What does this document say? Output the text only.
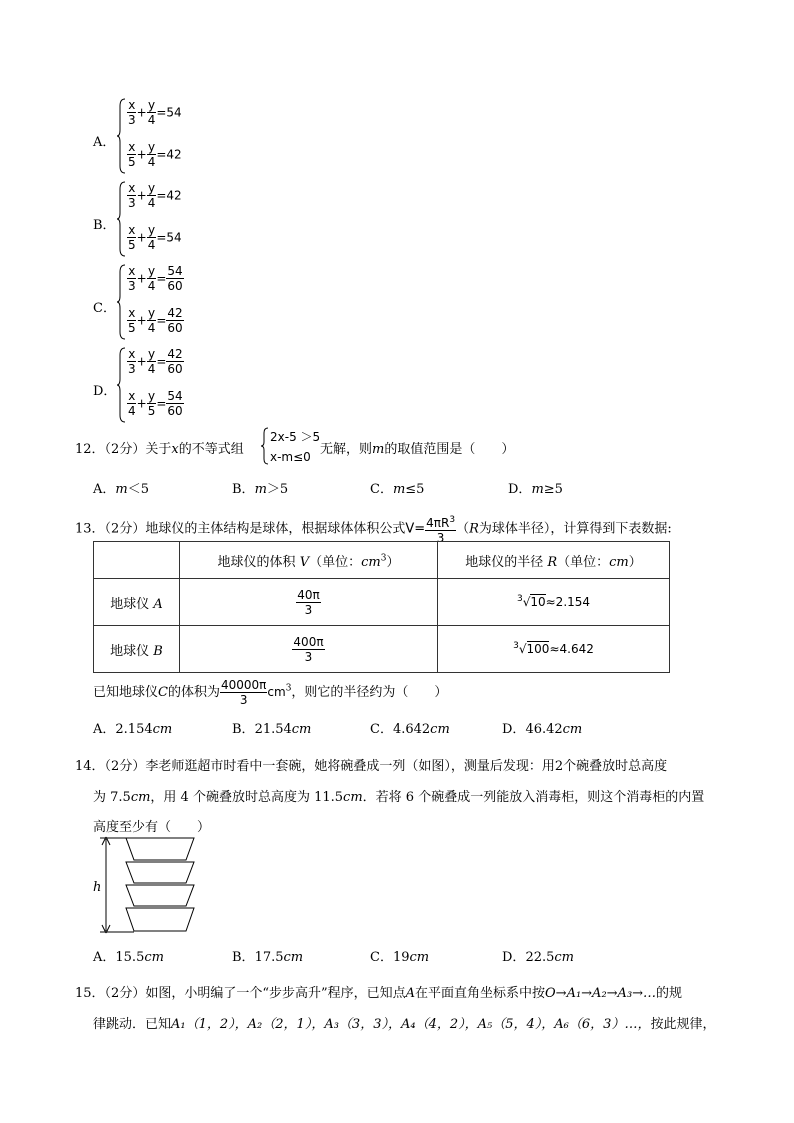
A．
$\frac{x}{3} + \frac{y}{4} =54$
$\frac{x}{5} + \frac{y}{4} =42$
B．
$\frac{x}{3} + \frac{y}{4} =42$
$\frac{x}{5} + \frac{y}{4} =54$
C．
$\frac{x}{3} + \frac{y}{4} = \frac{54}{60}$
$\frac{x}{5} + \frac{y}{4} = \frac{42}{60}$
D．
$\frac{x}{3} + \frac{y}{4} = \frac{42}{60}$
$\frac{x}{4} + \frac{y}{5} = \frac{54}{60}$
12．（2分）关于x的不等式组
2x-5 ＞5
x-m≤0 无解，则m的取值范围是（　　）
A．m＜5	B．m＞5	C．m≤5	D．m≥5
13．（2分）地球仪的主体结构是球体，根据球体体积公式$V= \frac{4\pi R^3}{3} (R$为球体半径），计算得到下表数据:
	地球仪的体积 V（单位：$cm^3$）	地球仪的半径 R（单位：cm）
地球仪 A	$\frac{40\pi}{3}$	$^3$√10≈2.154
地球仪 B	$\frac{400\pi}{3}$	$^3$√100≈4.642
已知地球仪C的体积为 $\frac{40000\pi}{3} cm^3$，则它的半径约为（　　）
A．2.154cm	B．21.54cm	C．4.642cm	D．46.42cm
14．（2分）李老师逛超市时看中一套碗，她将碗叠成一列（如图），测量后发现：用2个碗叠放时总高度
为 7.5cm，用 4 个碗叠放时总高度为 11.5cm．若将 6 个碗叠成一列能放入消毒柜，则这个消毒柜的内置
高度至少有（　　）
h
A．15.5cm	B．17.5cm	C．19cm	D．22.5cm
15．（2分）如图，小明编了一个“步步高升”程序，已知点A在平面直角坐标系中按O→A₁→A₂→A₃→…的规
律跳动．已知A₁（1，2），A₂（2，1），A₃（3，3），A₄（4，2），A₅（5，4），A₆（6，3）…，按此规律，
